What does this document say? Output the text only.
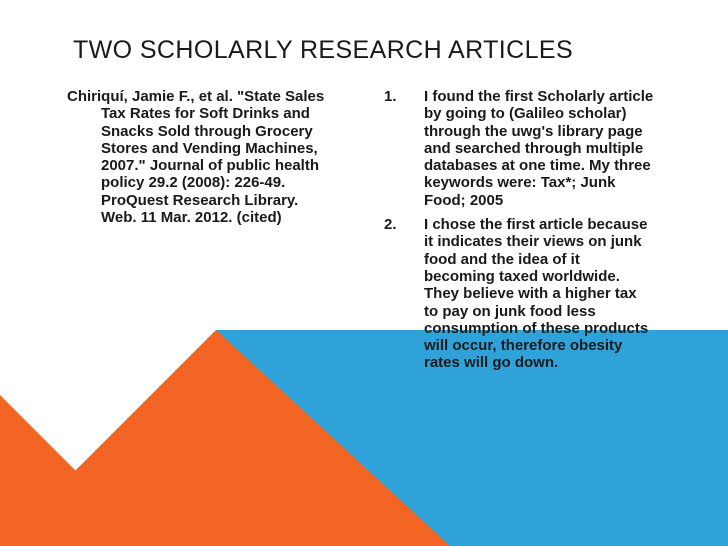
TWO SCHOLARLY RESEARCH ARTICLES

Chiriquí, Jamie F., et al. "State Sales Tax Rates for Soft Drinks and Snacks Sold through Grocery Stores and Vending Machines, 2007." Journal of public health policy 29.2 (2008): 226-49. ProQuest Research Library. Web. 11 Mar. 2012. (cited)

1.	I found the first Scholarly article by going to (Galileo scholar) through the uwg's library page and searched through multiple databases at one time. My three keywords were: Tax*; Junk Food; 2005
2.	I chose the first article because it indicates their views on junk food and the idea of it becoming taxed worldwide. They believe with a higher tax to pay on junk food less consumption of these products will occur, therefore obesity rates will go down.
